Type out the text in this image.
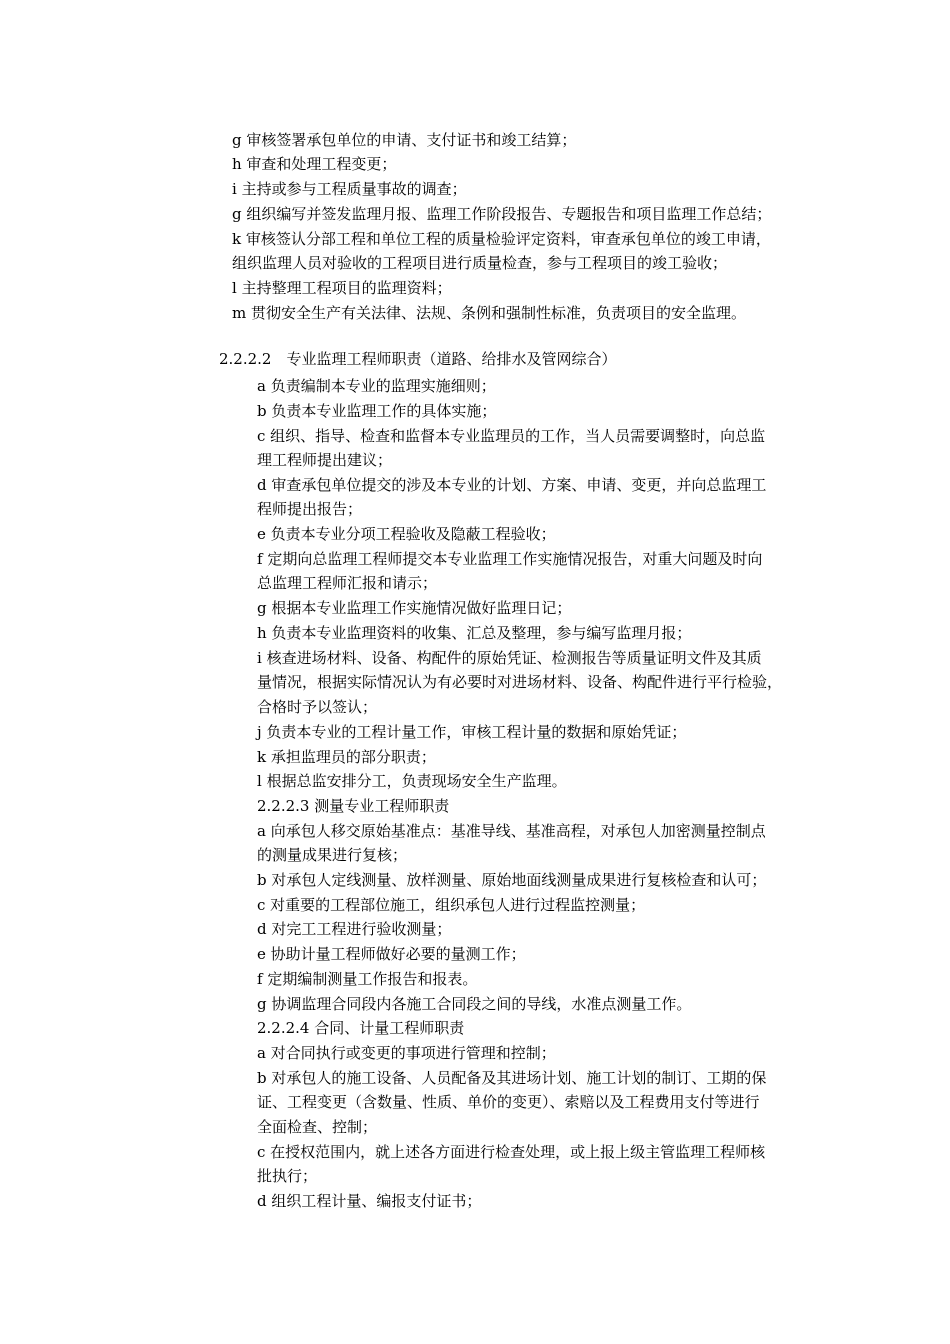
g 审核签署承包单位的申请、支付证书和竣工结算；
h 审查和处理工程变更；
i 主持或参与工程质量事故的调查；
g 组织编写并签发监理月报、监理工作阶段报告、专题报告和项目监理工作总结；
k 审核签认分部工程和单位工程的质量检验评定资料，审查承包单位的竣工申请，
组织监理人员对验收的工程项目进行质量检查，参与工程项目的竣工验收；
l 主持整理工程项目的监理资料；
m 贯彻安全生产有关法律、法规、条例和强制性标准，负责项目的安全监理。
2.2.2.2　专业监理工程师职责（道路、给排水及管网综合）
a 负责编制本专业的监理实施细则；
b 负责本专业监理工作的具体实施；
c 组织、指导、检查和监督本专业监理员的工作，当人员需要调整时，向总监
理工程师提出建议；
d 审查承包单位提交的涉及本专业的计划、方案、申请、变更，并向总监理工
程师提出报告；
e 负责本专业分项工程验收及隐蔽工程验收；
f 定期向总监理工程师提交本专业监理工作实施情况报告，对重大问题及时向
总监理工程师汇报和请示；
g 根据本专业监理工作实施情况做好监理日记；
h 负责本专业监理资料的收集、汇总及整理，参与编写监理月报；
i 核查进场材料、设备、构配件的原始凭证、检测报告等质量证明文件及其质
量情况，根据实际情况认为有必要时对进场材料、设备、构配件进行平行检验，
合格时予以签认；
j 负责本专业的工程计量工作，审核工程计量的数据和原始凭证；
k 承担监理员的部分职责；
l 根据总监安排分工，负责现场安全生产监理。
2.2.2.3 测量专业工程师职责
a 向承包人移交原始基准点：基准导线、基准高程，对承包人加密测量控制点
的测量成果进行复核；
b 对承包人定线测量、放样测量、原始地面线测量成果进行复核检查和认可；
c 对重要的工程部位施工，组织承包人进行过程监控测量；
d 对完工工程进行验收测量；
e 协助计量工程师做好必要的量测工作；
f 定期编制测量工作报告和报表。
g 协调监理合同段内各施工合同段之间的导线，水准点测量工作。
2.2.2.4 合同、计量工程师职责
a 对合同执行或变更的事项进行管理和控制；
b 对承包人的施工设备、人员配备及其进场计划、施工计划的制订、工期的保
证、工程变更（含数量、性质、单价的变更）、索赔以及工程费用支付等进行
全面检查、控制；
c 在授权范围内，就上述各方面进行检查处理，或上报上级主管监理工程师核
批执行；
d 组织工程计量、编报支付证书；
